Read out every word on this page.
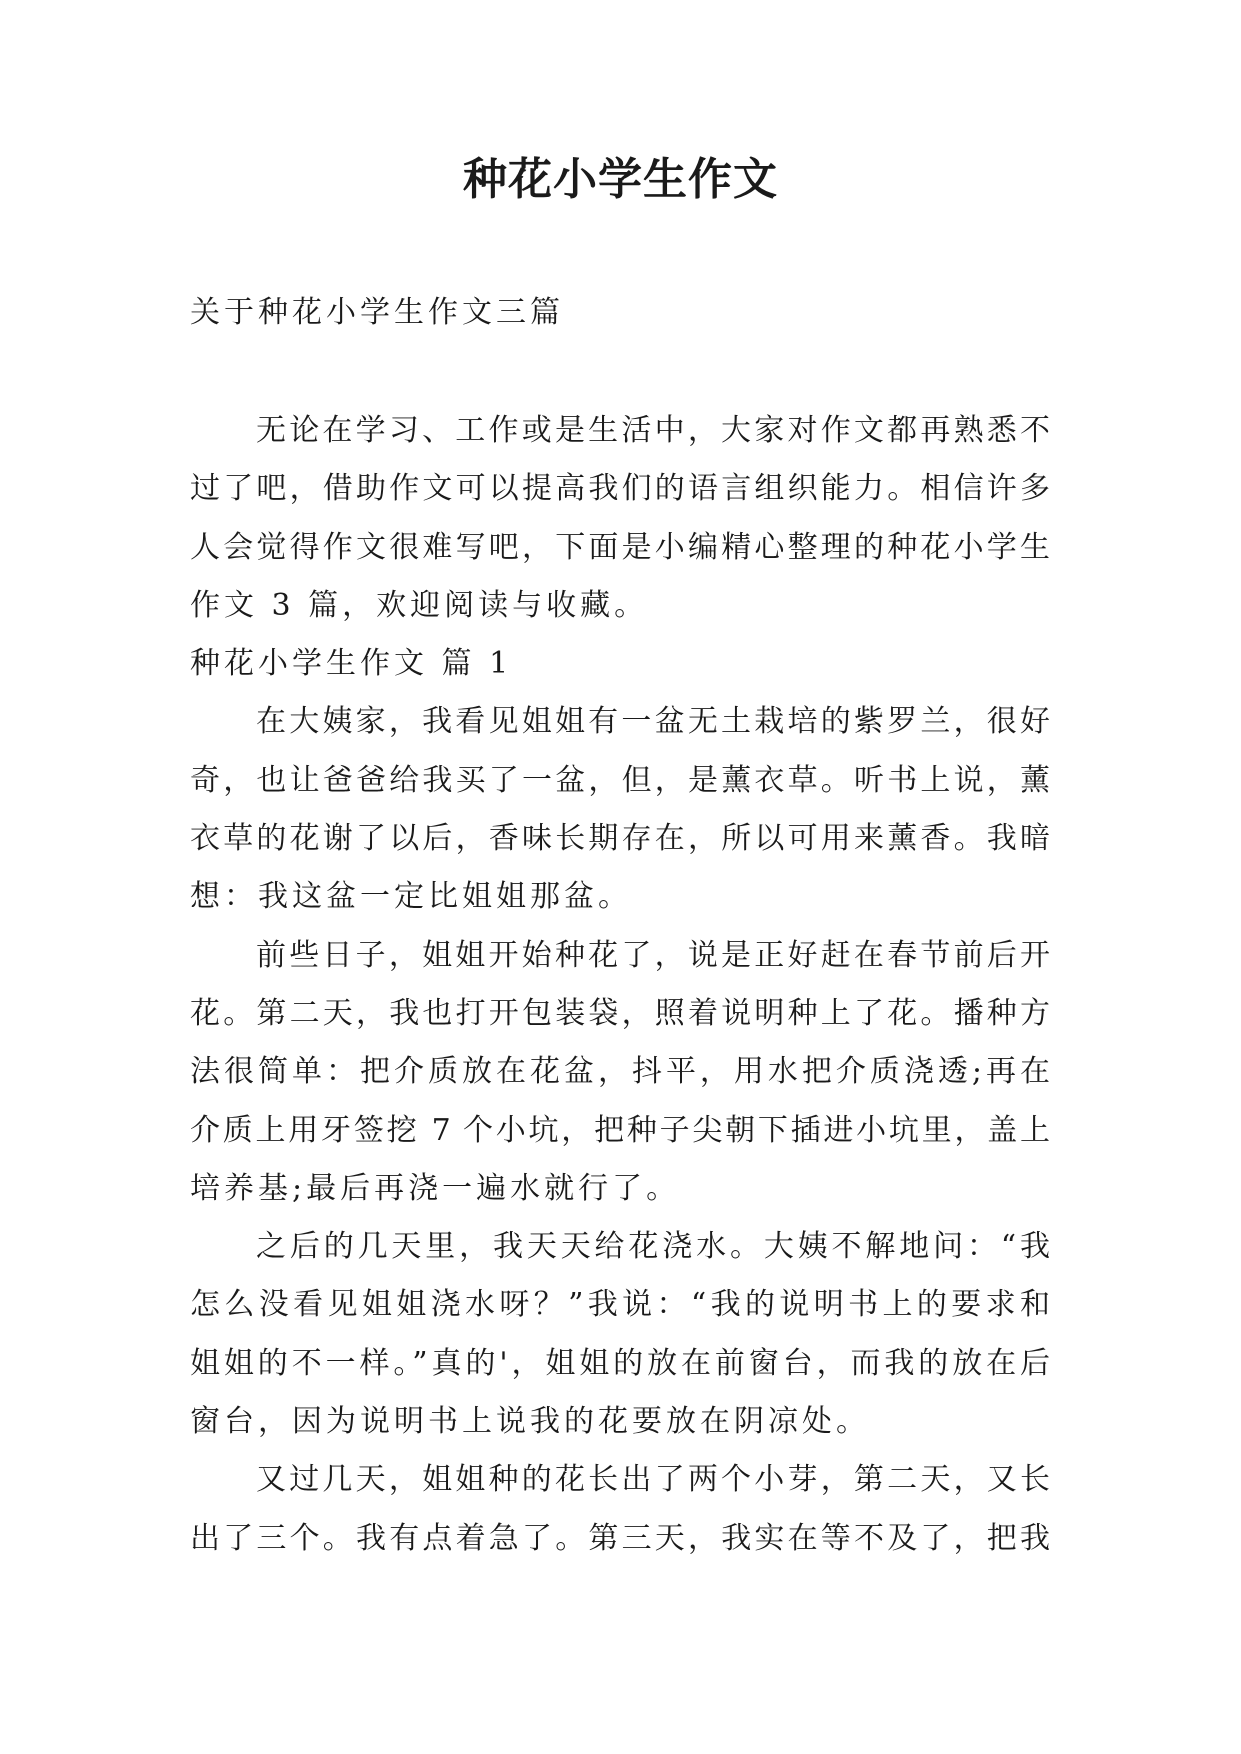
种花小学生作文
关于种花小学生作文三篇
无论在学习、工作或是生活中，大家对作文都再熟悉不
过了吧，借助作文可以提高我们的语言组织能力。相信许多
人会觉得作文很难写吧，下面是小编精心整理的种花小学生
作文 3 篇，欢迎阅读与收藏。
种花小学生作文 篇 1
在大姨家，我看见姐姐有一盆无土栽培的紫罗兰，很好
奇，也让爸爸给我买了一盆，但，是薰衣草。听书上说，薰
衣草的花谢了以后，香味长期存在，所以可用来薰香。我暗
想：我这盆一定比姐姐那盆。
前些日子，姐姐开始种花了，说是正好赶在春节前后开
花。第二天，我也打开包装袋，照着说明种上了花。播种方
法很简单：把介质放在花盆，抖平，用水把介质浇透;再在
介质上用牙签挖 7 个小坑，把种子尖朝下插进小坑里，盖上
培养基;最后再浇一遍水就行了。
之后的几天里，我天天给花浇水。大姨不解地问：“我
怎么没看见姐姐浇水呀？”我说：“我的说明书上的要求和
姐姐的不一样。”真的'，姐姐的放在前窗台，而我的放在后
窗台，因为说明书上说我的花要放在阴凉处。
又过几天，姐姐种的花长出了两个小芽，第二天，又长
出了三个。我有点着急了。第三天，我实在等不及了，把我
